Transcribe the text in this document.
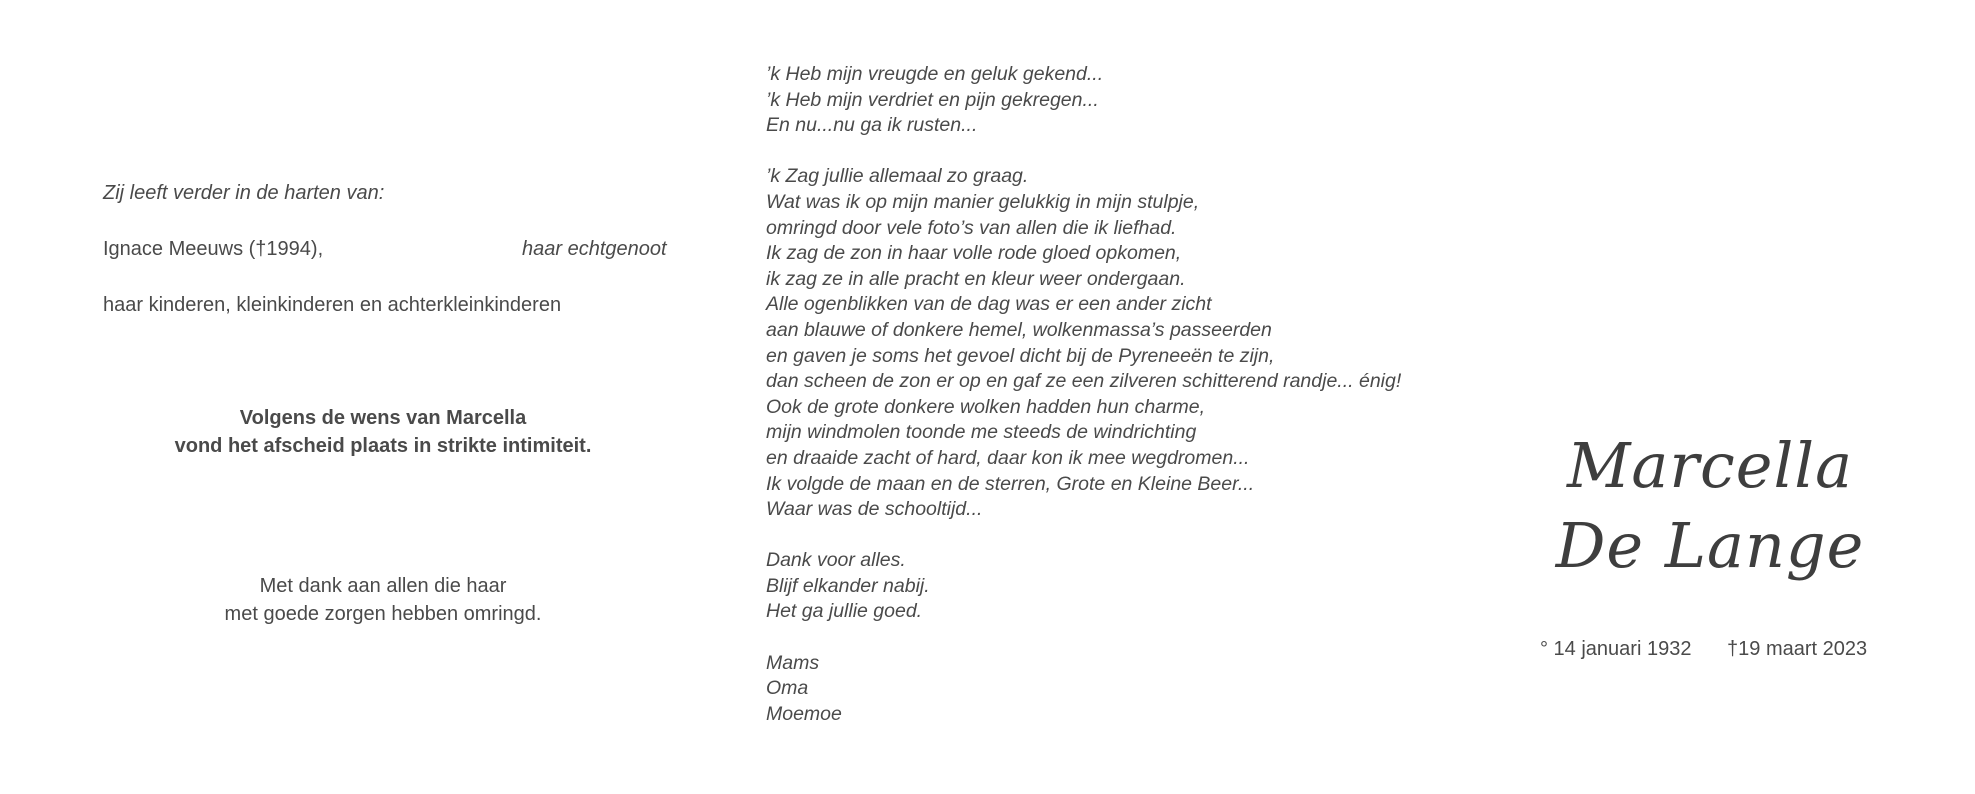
Zij leeft verder in de harten van:
Ignace Meeuws (†1994),	haar echtgenoot
haar kinderen, kleinkinderen en achterkleinkinderen
Volgens de wens van Marcella
vond het afscheid plaats in strikte intimiteit.
Met dank aan allen die haar
met goede zorgen hebben omringd.
’k Heb mijn vreugde en geluk gekend...
’k Heb mijn verdriet en pijn gekregen...
En nu...nu ga ik rusten...
’k Zag jullie allemaal zo graag.
Wat was ik op mijn manier gelukkig in mijn stulpje,
omringd door vele foto’s van allen die ik liefhad.
Ik zag de zon in haar volle rode gloed opkomen,
ik zag ze in alle pracht en kleur weer ondergaan.
Alle ogenblikken van de dag was er een ander zicht
aan blauwe of donkere hemel, wolkenmassa’s passeerden
en gaven je soms het gevoel dicht bij de Pyreneeën te zijn,
dan scheen de zon er op en gaf ze een zilveren schitterend randje... énig!
Ook de grote donkere wolken hadden hun charme,
mijn windmolen toonde me steeds de windrichting
en draaide zacht of hard, daar kon ik mee wegdromen...
Ik volgde de maan en de sterren, Grote en Kleine Beer...
Waar was de schooltijd...
Dank voor alles.
Blijf elkander nabij.
Het ga jullie goed.
Mams
Oma
Moemoe
Marcella
De Lange
° 14 januari 1932 †19 maart 2023
